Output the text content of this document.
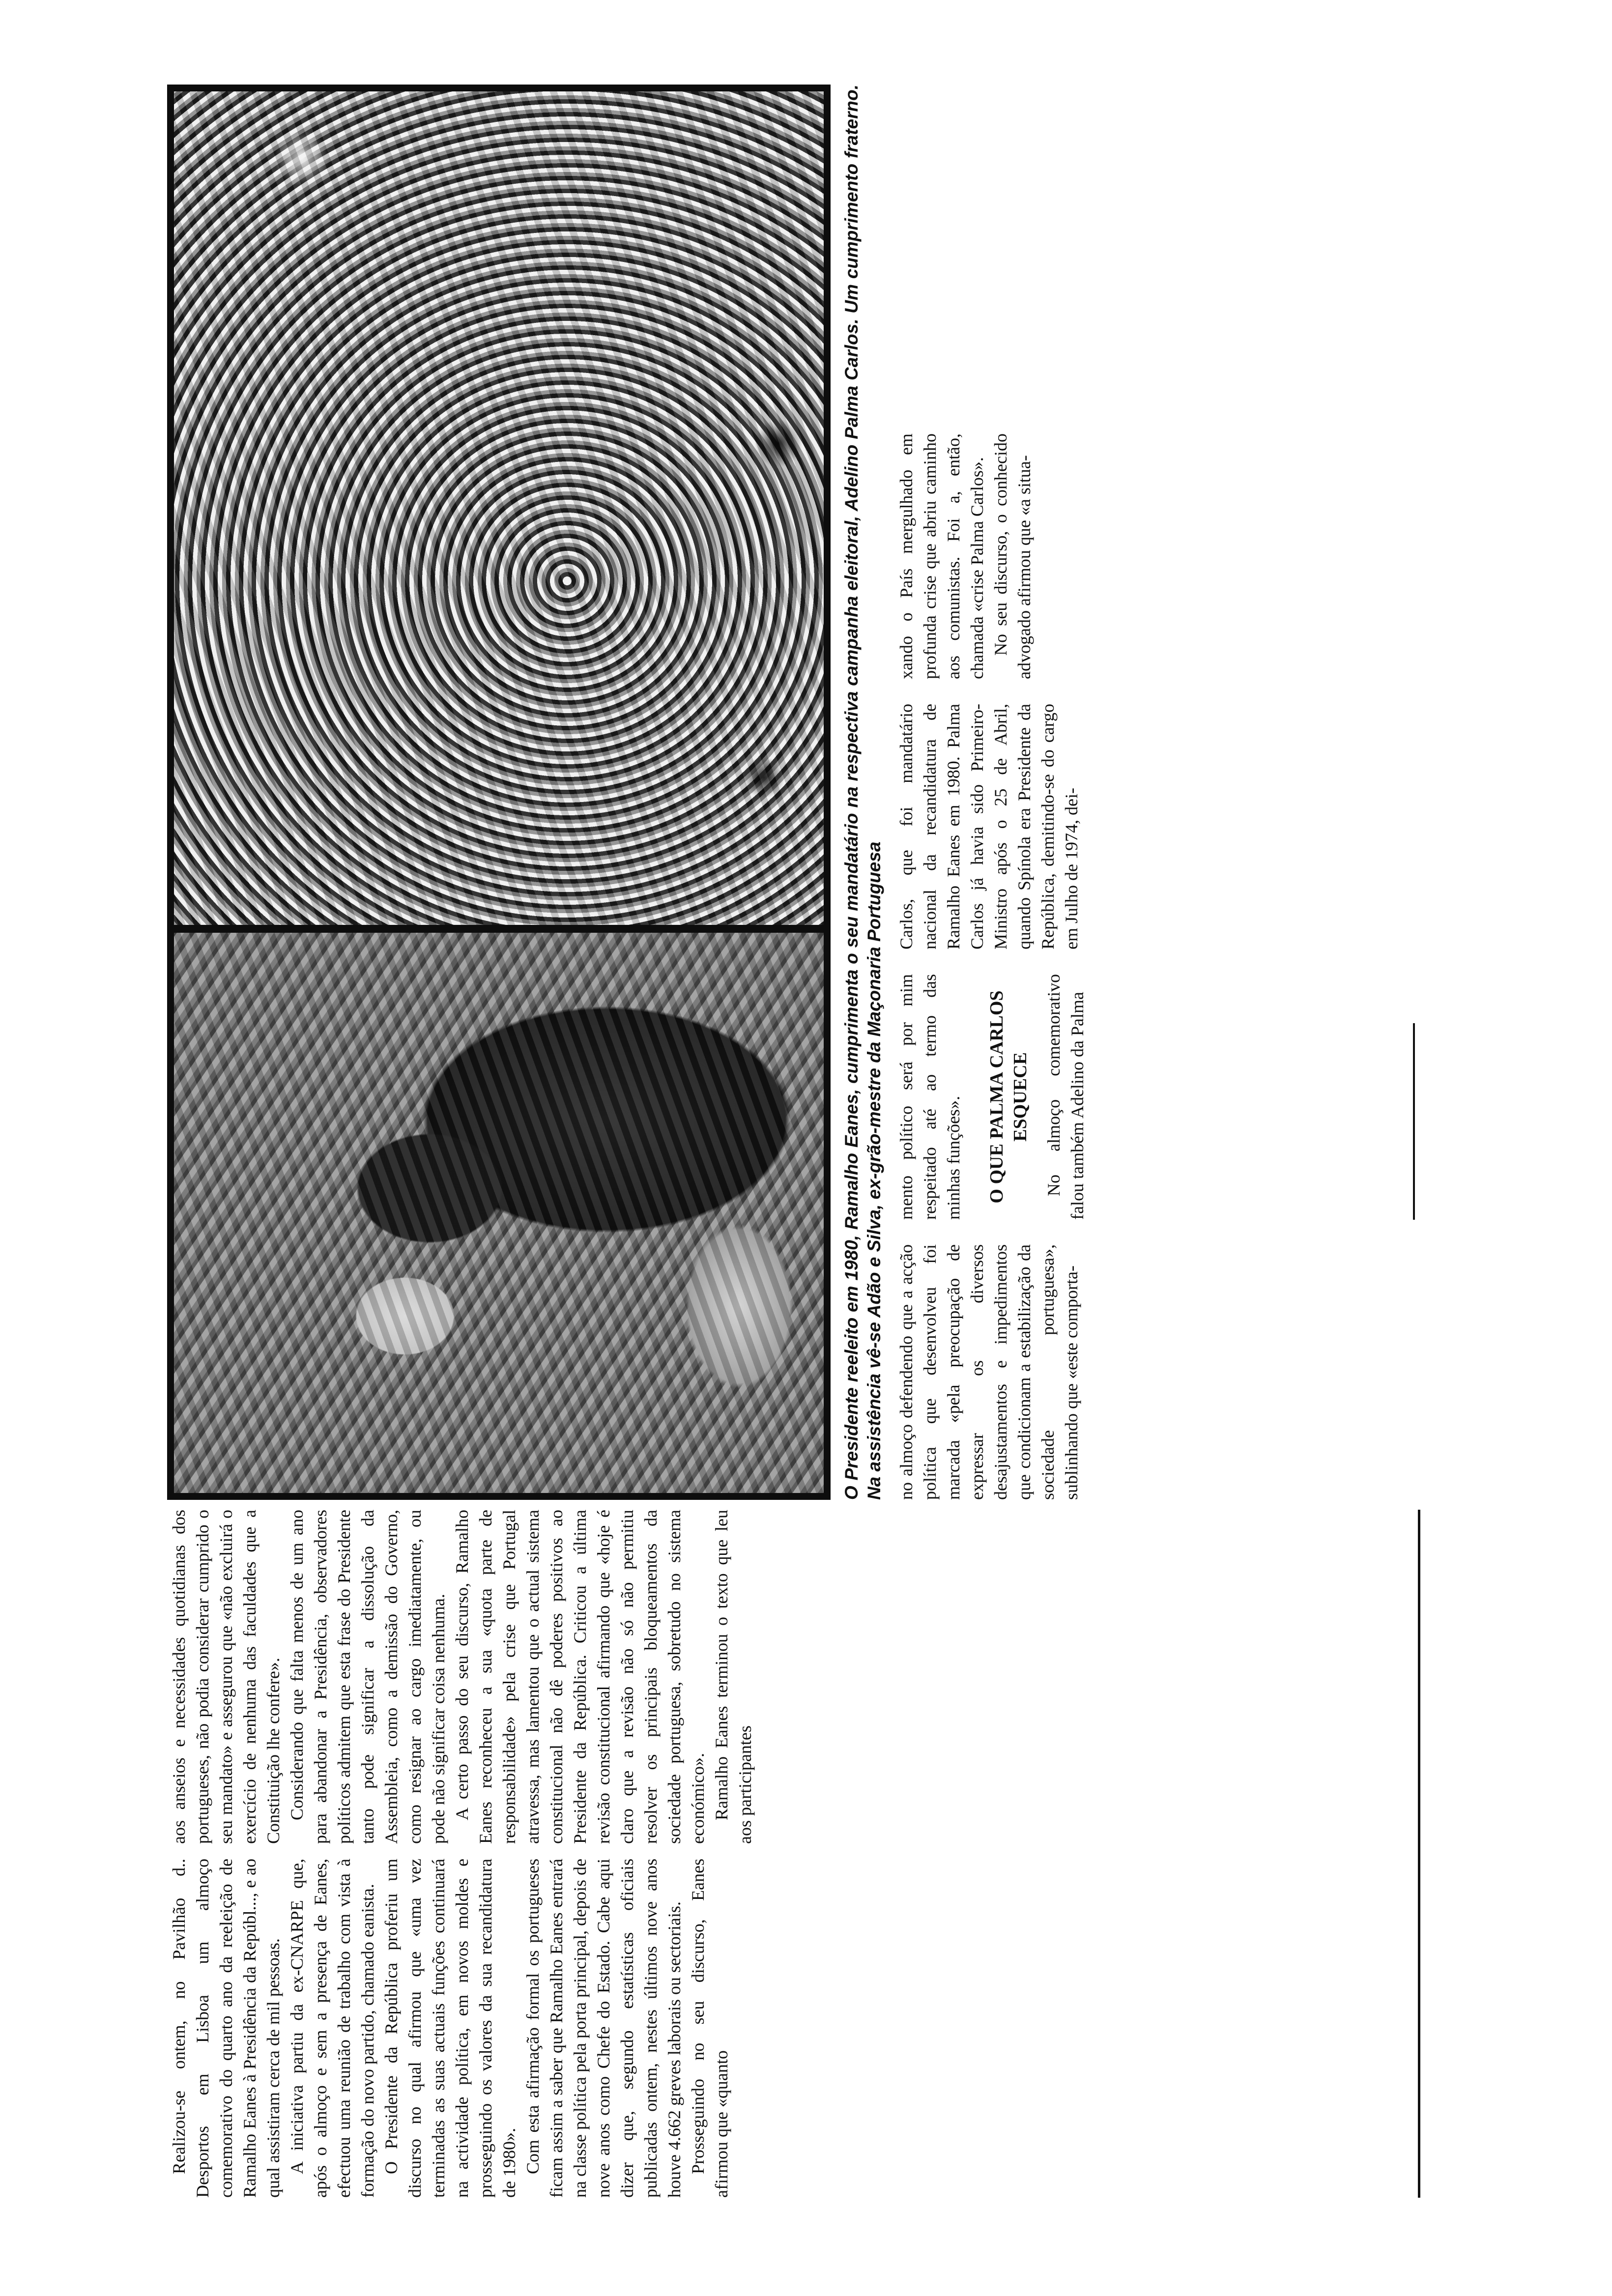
Realizou-se ontem, no Pavilhão d.. Desportos em Lisboa um almoço comemorativo do quarto ano da reeleição de Ramalho Eanes à Presidência da Repúbl..., e ao qual assistiram cerca de mil pessoas. A iniciativa partiu da ex-CNARPE que, após o almoço e sem a presença de Eanes, efectuou uma reunião de trabalho com vista à formação do novo partido, chamado eanista. O Presidente da República proferiu um discurso no qual afirmou que «uma vez terminadas as suas actuais funções continuará na actividade política, em novos moldes e prosseguindo os valores da sua recandidatura de 1980». Com esta afirmação formal os portugueses ficam assim a saber que Ramalho Eanes entrará na classe política pela porta principal, depois de nove anos como Chefe do Estado. Cabe aqui dizer que, segundo estatísticas oficiais publicadas ontem, nestes últimos nove anos houve 4.662 greves laborais ou sectoriais. Prosseguindo no seu discurso, Eanes afirmou que «quanto

aos anseios e necessidades quotidianas dos portugueses, não podia considerar cumprido o seu mandato» e assegurou que «não excluirá o exercício de nenhuma das faculdades que a Constituição lhe confere». Considerando que falta menos de um ano para abandonar a Presidência, observadores políticos admitem que esta frase do Presidente tanto pode significar a dissolução da Assembleia, como a demissão do Governo, como resignar ao cargo imediatamente, ou pode não significar coisa nenhuma. A certo passo do seu discurso, Ramalho Eanes reconheceu a sua «quota parte de responsabilidade» pela crise que Portugal atravessa, mas lamentou que o actual sistema constitucional não dê poderes positivos ao Presidente da República. Criticou a última revisão constitucional afirmando que «hoje é claro que a revisão não só não permitiu resolver os principais bloqueamentos da sociedade portuguesa, sobretudo no sistema económico». Ramalho Eanes terminou o texto que leu aos participantes

O Presidente reeleito em 1980, Ramalho Eanes, cumprimenta o seu mandatário na respectiva campanha eleitoral, Adelino Palma Carlos. Um cumprimento fraterno. Na assistência vê-se Adão e Silva, ex-grão-mestre da Maçonaria Portuguesa no almoço defendendo que a acção política que desenvolveu foi marcada «pela preocupação de expressar os diversos desajustamentos e impedimentos que condicionam a estabilização da sociedade portuguesa», sublinhando que «este comporta-

mento político será por mim respeitado até ao termo das minhas funções». O QUE PALMA CARLOS ESQUECE No almoço comemorativo falou também Adelino da Palma

Carlos, que foi mandatário nacional da recandidatura de Ramalho Eanes em 1980. Palma Carlos já havia sido Primeiro-Ministro após o 25 de Abril, quando Spínola era Presidente da República, demitindo-se do cargo em Julho de 1974, dei-

xando o País mergulhado em profunda crise que abriu caminho aos comunistas. Foi a, então, chamada «crise Palma Carlos». No seu discurso, o conhecido advogado afirmou que «a situa-
